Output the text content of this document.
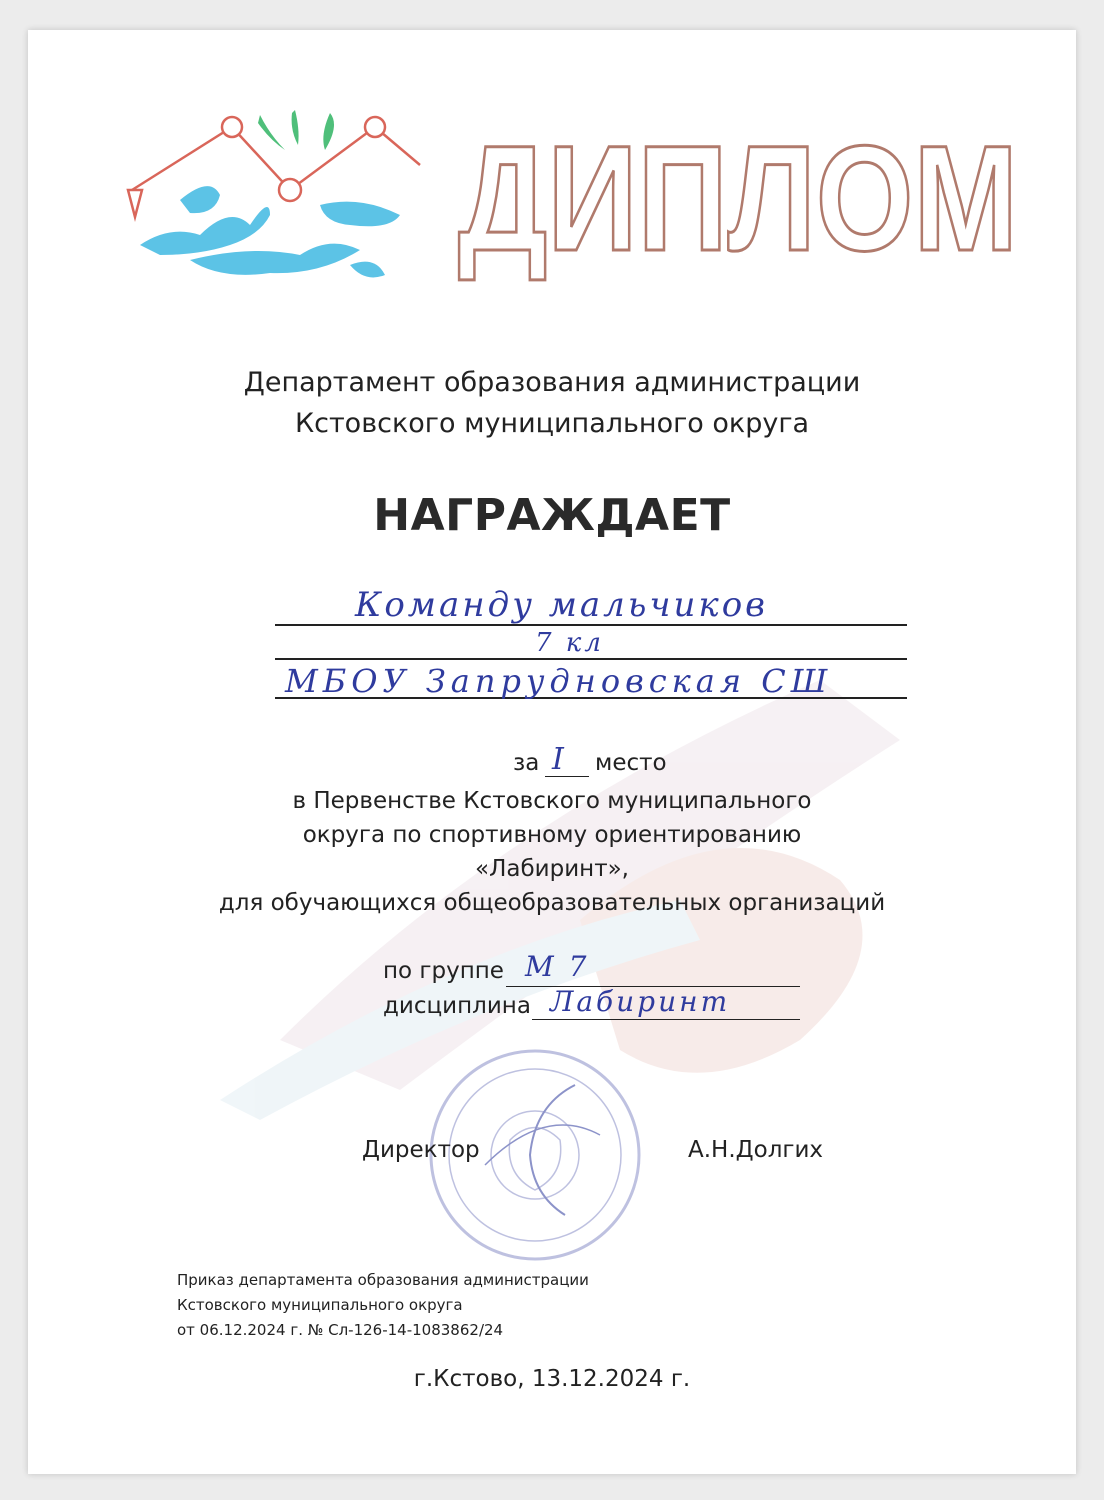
ДИПЛОМ
Департамент образования администрации
Кстовского муниципального округа
НАГРАЖДАЕТ
Команду мальчиков
7 кл
МБОУ Запрудновская СШ
за I место
в Первенстве Кстовского муниципального
округа по спортивному ориентированию
«Лабиринт»,
для обучающихся общеобразовательных организаций
по группе М 7
дисциплина Лабиринт
Директор	А.Н.Долгих
Приказ департамента образования администрации
Кстовского муниципального округа
от 06.12.2024 г. № Сл-126-14-1083862/24
г.Кстово, 13.12.2024 г.
